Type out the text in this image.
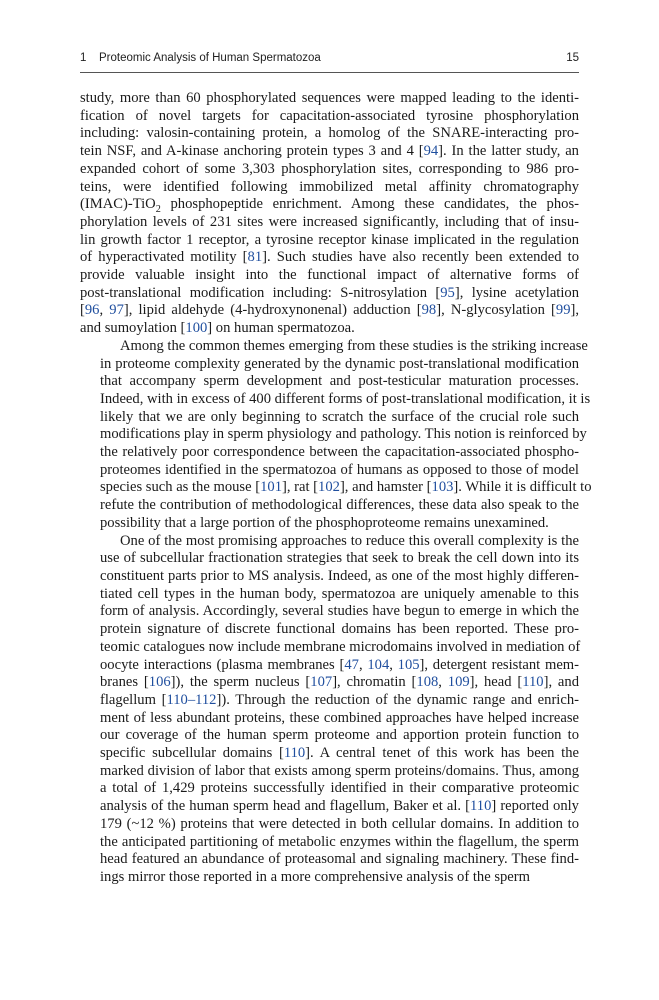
1 Proteomic Analysis of Human Spermatozoa	15
study, more than 60 phosphorylated sequences were mapped leading to the identi-
fication of novel targets for capacitation-associated tyrosine phosphorylation
including: valosin-containing protein, a homolog of the SNARE-interacting pro-
tein NSF, and A-kinase anchoring protein types 3 and 4 [94]. In the latter study, an
expanded cohort of some 3,303 phosphorylation sites, corresponding to 986 pro-
teins, were identified following immobilized metal affinity chromatography
(IMAC)-TiO$_2$ phosphopeptide enrichment. Among these candidates, the phos-
phorylation levels of 231 sites were increased significantly, including that of insu-
lin growth factor 1 receptor, a tyrosine receptor kinase implicated in the regulation
of hyperactivated motility [81]. Such studies have also recently been extended to
provide valuable insight into the functional impact of alternative forms of
post-translational modification including: S-nitrosylation [95], lysine acetylation
[96, 97], lipid aldehyde (4-hydroxynonenal) adduction [98], N-glycosylation [99],
and sumoylation [100] on human spermatozoa.
Among the common themes emerging from these studies is the striking increase
in proteome complexity generated by the dynamic post-translational modification
that accompany sperm development and post-testicular maturation processes.
Indeed, with in excess of 400 different forms of post-translational modification, it is
likely that we are only beginning to scratch the surface of the crucial role such
modifications play in sperm physiology and pathology. This notion is reinforced by
the relatively poor correspondence between the capacitation-associated phospho-
proteomes identified in the spermatozoa of humans as opposed to those of model
species such as the mouse [101], rat [102], and hamster [103]. While it is difficult to
refute the contribution of methodological differences, these data also speak to the
possibility that a large portion of the phosphoproteome remains unexamined.
One of the most promising approaches to reduce this overall complexity is the
use of subcellular fractionation strategies that seek to break the cell down into its
constituent parts prior to MS analysis. Indeed, as one of the most highly differen-
tiated cell types in the human body, spermatozoa are uniquely amenable to this
form of analysis. Accordingly, several studies have begun to emerge in which the
protein signature of discrete functional domains has been reported. These pro-
teomic catalogues now include membrane microdomains involved in mediation of
oocyte interactions (plasma membranes [47, 104, 105], detergent resistant mem-
branes [106]), the sperm nucleus [107], chromatin [108, 109], head [110], and
flagellum [110–112]). Through the reduction of the dynamic range and enrich-
ment of less abundant proteins, these combined approaches have helped increase
our coverage of the human sperm proteome and apportion protein function to
specific subcellular domains [110]. A central tenet of this work has been the
marked division of labor that exists among sperm proteins/domains. Thus, among
a total of 1,429 proteins successfully identified in their comparative proteomic
analysis of the human sperm head and flagellum, Baker et al. [110] reported only
179 (~12 %) proteins that were detected in both cellular domains. In addition to
the anticipated partitioning of metabolic enzymes within the flagellum, the sperm
head featured an abundance of proteasomal and signaling machinery. These find-
ings mirror those reported in a more comprehensive analysis of the sperm
